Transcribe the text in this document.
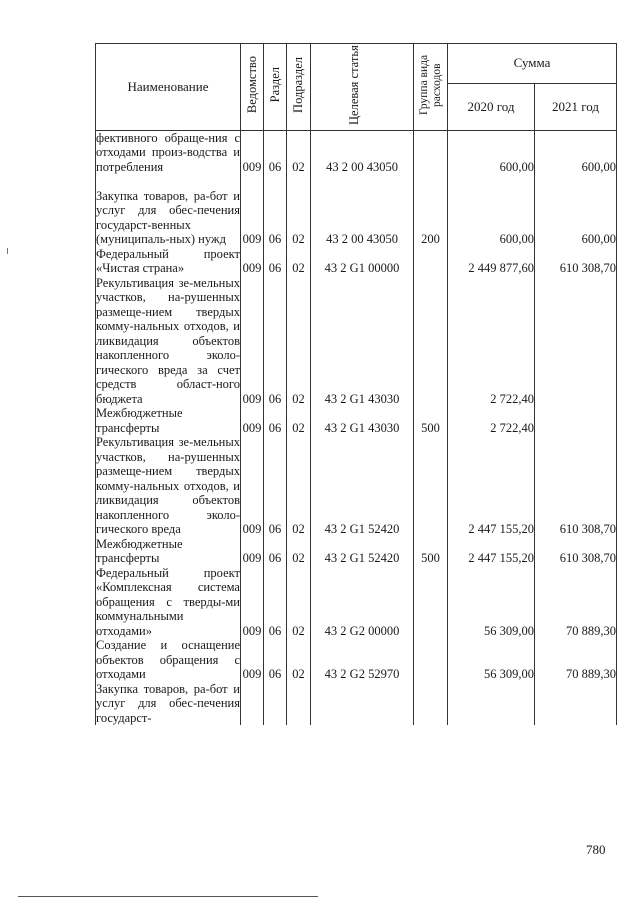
Наименование	Ведомство	Раздел	Подраздел	Целевая статья	Группа вида расходов	Сумма	
						2020 год	2021 год
фективного обраще-ния с отходами произ-водства и потребления	009	06	02	43 2 00 43050		600,00	600,00
Закупка товаров, ра-бот и услуг для обес-печения государст-венных (муниципаль-ных) нужд	009	06	02	43 2 00 43050	200	600,00	600,00
Федеральный проект «Чистая страна»	009	06	02	43 2 G1 00000		2 449 877,60	610 308,70
Рекультивация зе-мельных участков, на-рушенных размеще-нием твердых комму-нальных отходов, и ликвидация объектов накопленного эколо-гического вреда за счет средств област-ного бюджета	009	06	02	43 2 G1 43030		2 722,40	
Межбюджетные трансферты	009	06	02	43 2 G1 43030	500	2 722,40	
Рекультивация зе-мельных участков, на-рушенных размеще-нием твердых комму-нальных отходов, и ликвидация объектов накопленного эколо-гического вреда	009	06	02	43 2 G1 52420		2 447 155,20	610 308,70
Межбюджетные трансферты	009	06	02	43 2 G1 52420	500	2 447 155,20	610 308,70
Федеральный проект «Комплексная система обращения с тверды-ми коммунальными отходами»	009	06	02	43 2 G2 00000		56 309,00	70 889,30
Создание и оснащение объектов обращения с отходами	009	06	02	43 2 G2 52970		56 309,00	70 889,30
Закупка товаров, ра-бот и услуг для обес-печения государст-							
780
